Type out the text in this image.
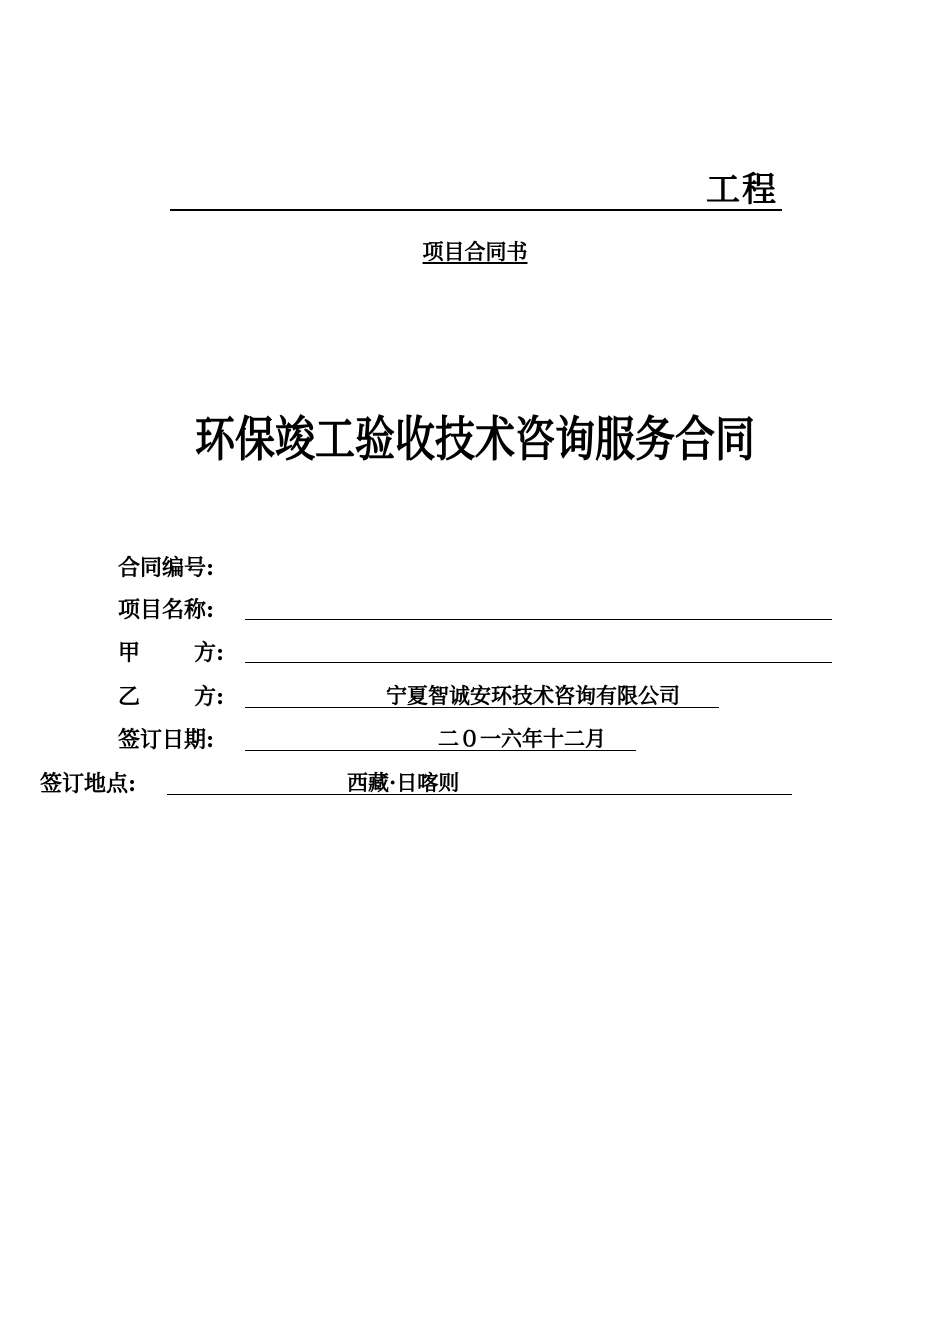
工程
项目合同书
环保竣工验收技术咨询服务合同
合同编号:
项目名称:
甲 方:
乙 方:	宁夏智诚安环技术咨询有限公司
签订日期:	二０一六年十二月
签订地点:	西藏·日喀则
